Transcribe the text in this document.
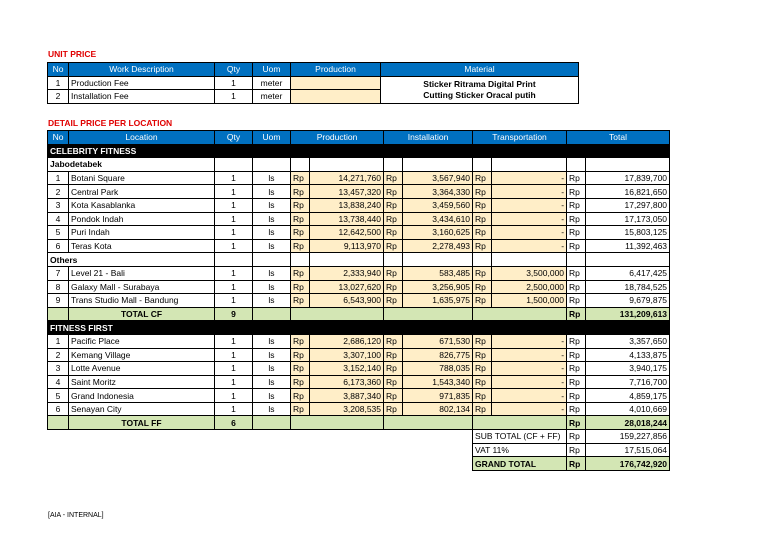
UNIT PRICE
No	Work Description	Qty	Uom	Production	Material
1	Production Fee	1	meter		Sticker Ritrama Digital Print
Cutting Sticker Oracal putih

2	Installation Fee	1	meter		
DETAIL PRICE PER LOCATION
No	Location	Qty	Uom	Production		Installation		Transportation		Total	
CELEBRITY FITNESS											
Jabodetabek											
1	Botani Square	1	ls	Rp	14,271,760	Rp	3,567,940	Rp	-	Rp	17,839,700
2	Central Park	1	ls	Rp	13,457,320	Rp	3,364,330	Rp	-	Rp	16,821,650
3	Kota Kasablanka	1	ls	Rp	13,838,240	Rp	3,459,560	Rp	-	Rp	17,297,800
4	Pondok Indah	1	ls	Rp	13,738,440	Rp	3,434,610	Rp	-	Rp	17,173,050
5	Puri Indah	1	ls	Rp	12,642,500	Rp	3,160,625	Rp	-	Rp	15,803,125
6	Teras Kota	1	ls	Rp	9,113,970	Rp	2,278,493	Rp	-	Rp	11,392,463
Others											
7	Level 21 - Bali	1	ls	Rp	2,333,940	Rp	583,485	Rp	3,500,000	Rp	6,417,425
8	Galaxy Mall - Surabaya	1	ls	Rp	13,027,620	Rp	3,256,905	Rp	2,500,000	Rp	18,784,525
9	Trans Studio Mall - Bandung	1	ls	Rp	6,543,900	Rp	1,635,975	Rp	1,500,000	Rp	9,679,875
	TOTAL CF	9								Rp	131,209,613
FITNESS FIRST											
1	Pacific Place	1	ls	Rp	2,686,120	Rp	671,530	Rp	-	Rp	3,357,650
2	Kemang Village	1	ls	Rp	3,307,100	Rp	826,775	Rp	-	Rp	4,133,875
3	Lotte Avenue	1	ls	Rp	3,152,140	Rp	788,035	Rp	-	Rp	3,940,175
4	Saint Moritz	1	ls	Rp	6,173,360	Rp	1,543,340	Rp	-	Rp	7,716,700
5	Grand Indonesia	1	ls	Rp	3,887,340	Rp	971,835	Rp	-	Rp	4,859,175
6	Senayan City	1	ls	Rp	3,208,535	Rp	802,134	Rp	-	Rp	4,010,669
	TOTAL FF	6								Rp	28,018,244
								SUB TOTAL (CF + FF)		Rp	159,227,856
								VAT 11%		Rp	17,515,064
								GRAND TOTAL		Rp	176,742,920
[AIA - INTERNAL]
